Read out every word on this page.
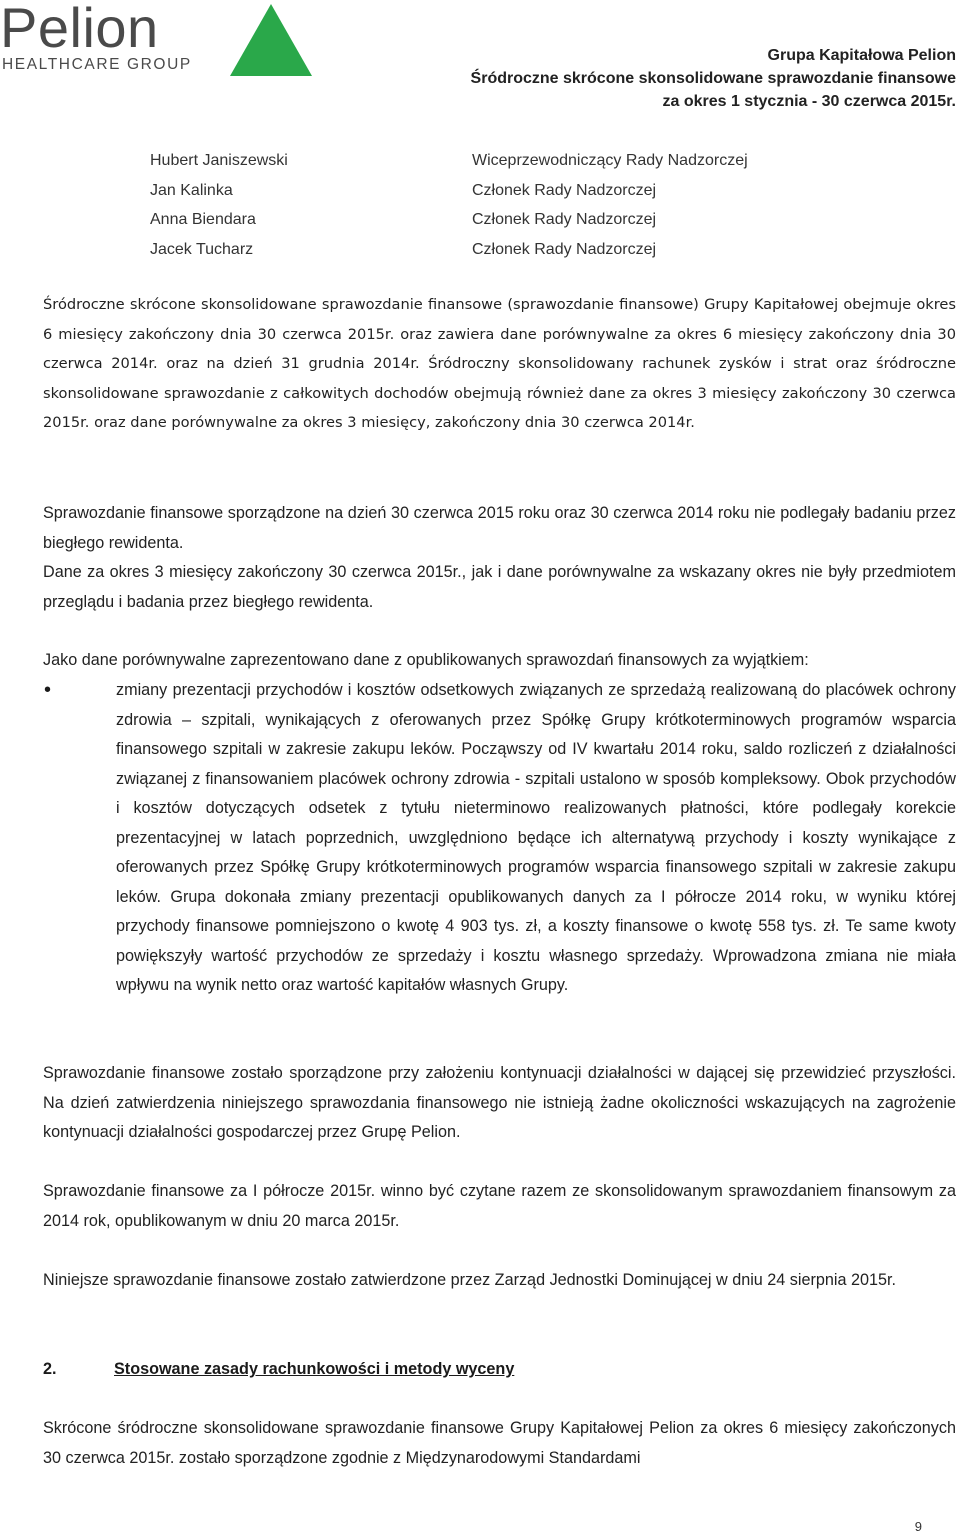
Pelion
HEALTHCARE GROUP
Grupa Kapitałowa Pelion
Śródroczne skrócone skonsolidowane sprawozdanie finansowe
za okres 1 stycznia - 30 czerwca 2015r.
Hubert Janiszewski	Wiceprzewodniczący Rady Nadzorczej
Jan Kalinka	Członek Rady Nadzorczej
Anna Biendara	Członek Rady Nadzorczej
Jacek Tucharz	Członek Rady Nadzorczej

Śródroczne skrócone skonsolidowane sprawozdanie finansowe (sprawozdanie finansowe) Grupy Kapitałowej obejmuje okres 6 miesięcy zakończony dnia 30 czerwca 2015r. oraz zawiera dane porównywalne za okres 6 miesięcy zakończony dnia 30 czerwca 2014r. oraz na dzień 31 grudnia 2014r. Śródroczny skonsolidowany rachunek zysków i strat oraz śródroczne skonsolidowane sprawozdanie z całkowitych dochodów obejmują również dane za okres 3 miesięcy zakończony 30 czerwca 2015r. oraz dane porównywalne za okres 3 miesięcy, zakończony dnia 30 czerwca 2014r.

Sprawozdanie finansowe sporządzone na dzień 30 czerwca 2015 roku oraz 30 czerwca 2014 roku nie podlegały badaniu przez biegłego rewidenta.

Dane za okres 3 miesięcy zakończony 30 czerwca 2015r., jak i dane porównywalne za wskazany okres nie były przedmiotem przeglądu i badania przez biegłego rewidenta.

Jako dane porównywalne zaprezentowano dane z opublikowanych sprawozdań finansowych za wyjątkiem:

•	zmiany prezentacji przychodów i kosztów odsetkowych związanych ze sprzedażą realizowaną do placówek ochrony zdrowia – szpitali, wynikających z oferowanych przez Spółkę Grupy krótkoterminowych programów wsparcia finansowego szpitali w zakresie zakupu leków. Począwszy od IV kwartału 2014 roku, saldo rozliczeń z działalności związanej z finansowaniem placówek ochrony zdrowia - szpitali ustalono w sposób kompleksowy. Obok przychodów i kosztów dotyczących odsetek z tytułu nieterminowo realizowanych płatności, które podlegały korekcie prezentacyjnej w latach poprzednich, uwzględniono będące ich alternatywą przychody i koszty wynikające z oferowanych przez Spółkę Grupy krótkoterminowych programów wsparcia finansowego szpitali w zakresie zakupu leków. Grupa dokonała zmiany prezentacji opublikowanych danych za I półrocze 2014 roku, w wyniku której przychody finansowe pomniejszono o kwotę 4 903 tys. zł, a koszty finansowe o kwotę 558 tys. zł. Te same kwoty powiększyły wartość przychodów ze sprzedaży i kosztu własnego sprzedaży. Wprowadzona zmiana nie miała wpływu na wynik netto oraz wartość kapitałów własnych Grupy.

Sprawozdanie finansowe zostało sporządzone przy założeniu kontynuacji działalności w dającej się przewidzieć przyszłości. Na dzień zatwierdzenia niniejszego sprawozdania finansowego nie istnieją żadne okoliczności wskazujących na zagrożenie kontynuacji działalności gospodarczej przez Grupę Pelion.

Sprawozdanie finansowe za I półrocze 2015r. winno być czytane razem ze skonsolidowanym sprawozdaniem finansowym za 2014 rok, opublikowanym w dniu 20 marca 2015r.

Niniejsze sprawozdanie finansowe zostało zatwierdzone przez Zarząd Jednostki Dominującej w dniu 24 sierpnia 2015r.

2.	Stosowane zasady rachunkowości i metody wyceny

Skrócone śródroczne skonsolidowane sprawozdanie finansowe Grupy Kapitałowej Pelion za okres 6 miesięcy zakończonych 30 czerwca 2015r. zostało sporządzone zgodnie z Międzynarodowymi Standardami

9
